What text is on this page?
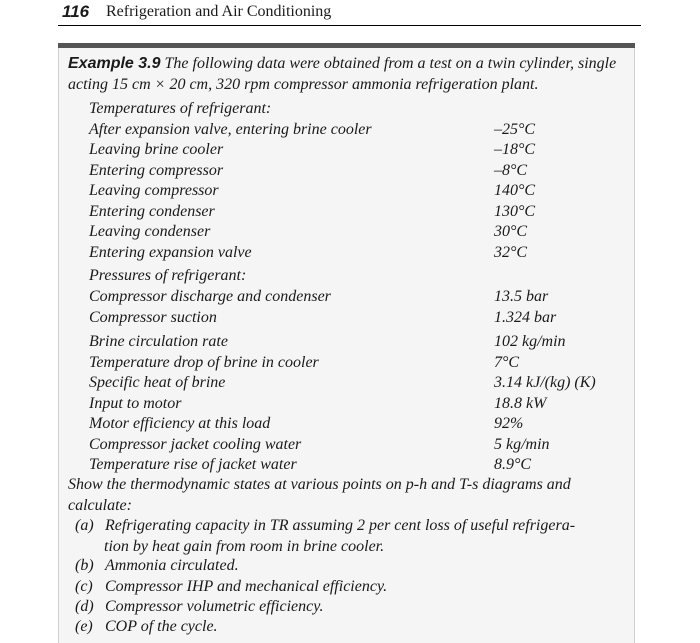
116 Refrigeration and Air Conditioning
Example 3.9 The following data were obtained from a test on a twin cylinder, single acting 15 cm × 20 cm, 320 rpm compressor ammonia refrigeration plant.
Temperatures of refrigerant:
After expansion valve, entering brine cooler	–25°C
Leaving brine cooler	–18°C
Entering compressor	–8°C
Leaving compressor	140°C
Entering condenser	130°C
Leaving condenser	30°C
Entering expansion valve	32°C
Pressures of refrigerant:
Compressor discharge and condenser	13.5 bar
Compressor suction	1.324 bar
Brine circulation rate	102 kg/min
Temperature drop of brine in cooler	7°C
Specific heat of brine	3.14 kJ/(kg) (K)
Input to motor	18.8 kW
Motor efficiency at this load	92%
Compressor jacket cooling water	5 kg/min
Temperature rise of jacket water	8.9°C
Show the thermodynamic states at various points on p-h and T-s diagrams and calculate:
(a) Refrigerating capacity in TR assuming 2 per cent loss of useful refrigera-
tion by heat gain from room in brine cooler.
(b) Ammonia circulated.
(c) Compressor IHP and mechanical efficiency.
(d) Compressor volumetric efficiency.
(e) COP of the cycle.
